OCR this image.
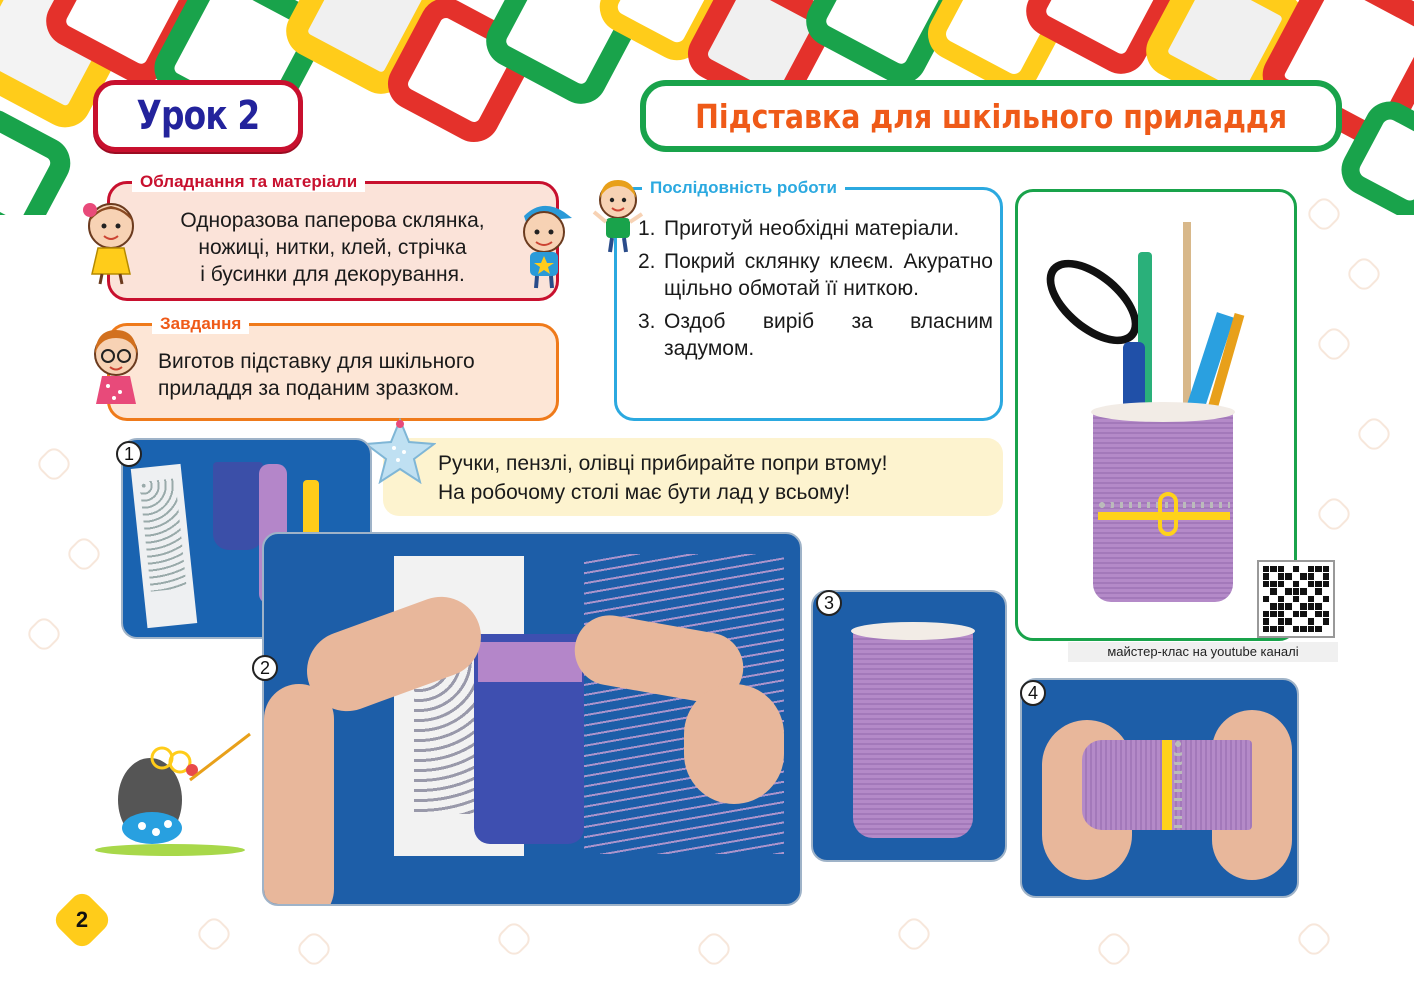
Урок 2	Підставка для шкільного приладдя
Обладнання та матеріали
Одноразова паперова склянка,
ножиці, нитки, клей, стрічка
і бусинки для декорування.
Завдання
Виготов підставку для шкільного
приладдя за поданим зразком.
Послідовність роботи
1. Приготуй необхідні матеріали.
2. Покрий склянку клеєм. Акуратно щільно обмотай її ниткою.
3. Оздоб виріб за власним задумом.
Ручки, пензлі, олівці прибирайте попри втому!
На робочому столі має бути лад у всьому!
1
2
3
майстер-клас на youtube каналі
4
2
